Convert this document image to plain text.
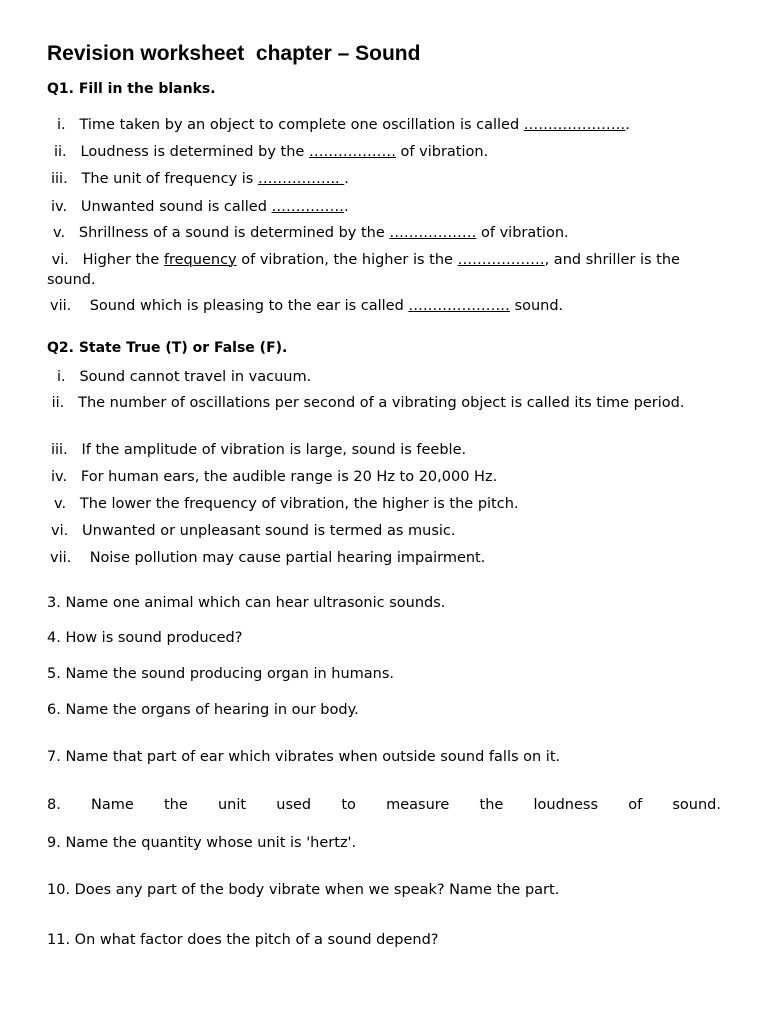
Revision worksheet  chapter – Sound
Q1. Fill in the blanks.
i. Time taken by an object to complete one oscillation is called ………………….
ii. Loudness is determined by the ……………… of vibration.
iii. The unit of frequency is …………….. .
iv. Unwanted sound is called …………….
v. Shrillness of a sound is determined by the ……………… of vibration.
vi. Higher the frequency of vibration, the higher is the ………………, and shriller is the sound.
vii. Sound which is pleasing to the ear is called ………………… sound.
Q2. State True (T) or False (F).
i. Sound cannot travel in vacuum.
ii. The number of oscillations per second of a vibrating object is called its time period.
iii. If the amplitude of vibration is large, sound is feeble.
iv. For human ears, the audible range is 20 Hz to 20,000 Hz.
v. The lower the frequency of vibration, the higher is the pitch.
vi. Unwanted or unpleasant sound is termed as music.
vii. Noise pollution may cause partial hearing impairment.
3. Name one animal which can hear ultrasonic sounds.
4. How is sound produced?
5. Name the sound producing organ in humans.
6. Name the organs of hearing in our body.
7. Name that part of ear which vibrates when outside sound falls on it.
8. Name the unit used to measure the loudness of sound.
9. Name the quantity whose unit is 'hertz'.
10. Does any part of the body vibrate when we speak? Name the part.
11. On what factor does the pitch of a sound depend?
